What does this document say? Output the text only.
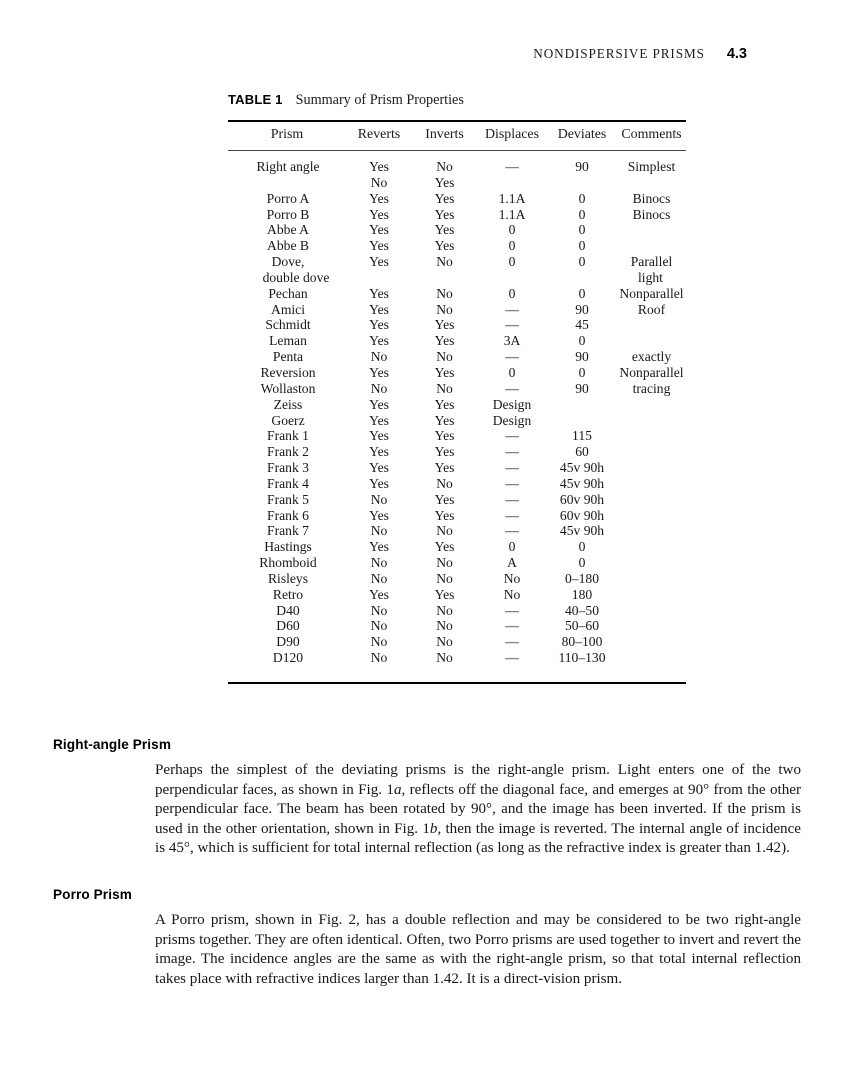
NONDISPERSIVE PRISMS 4.3
TABLE 1 Summary of Prism Properties
Prism	Reverts	Inverts	Displaces	Deviates	Comments
Right angle	Yes	No	—	90	Simplest
	No	Yes			
Porro A	Yes	Yes	1.1A	0	Binocs
Porro B	Yes	Yes	1.1A	0	Binocs
Abbe A	Yes	Yes	0	0	
Abbe B	Yes	Yes	0	0	
Dove,	Yes	No	0	0	Parallel
double dove					light
Pechan	Yes	No	0	0	Nonparallel
Amici	Yes	No	—	90	Roof
Schmidt	Yes	Yes	—	45	
Leman	Yes	Yes	3A	0	
Penta	No	No	—	90	exactly
Reversion	Yes	Yes	0	0	Nonparallel
Wollaston	No	No	—	90	tracing
Zeiss	Yes	Yes	Design		
Goerz	Yes	Yes	Design		
Frank 1	Yes	Yes	—	115	
Frank 2	Yes	Yes	—	60	
Frank 3	Yes	Yes	—	45v 90h	
Frank 4	Yes	No	—	45v 90h	
Frank 5	No	Yes	—	60v 90h	
Frank 6	Yes	Yes	—	60v 90h	
Frank 7	No	No	—	45v 90h	
Hastings	Yes	Yes	0	0	
Rhomboid	No	No	A	0	
Risleys	No	No	No	0–180	
Retro	Yes	Yes	No	180	
D40	No	No	—	40–50	
D60	No	No	—	50–60	
D90	No	No	—	80–100	
D120	No	No	—	110–130	

Right-angle Prism

Perhaps the simplest of the deviating prisms is the right-angle prism. Light enters one of the two perpendicular faces, as shown in Fig. 1a, reflects off the diagonal face, and emerges at 90° from the other perpendicular face. The beam has been rotated by 90°, and the image has been inverted. If the prism is used in the other orientation, shown in Fig. 1b, then the image is reverted. The internal angle of incidence is 45°, which is sufficient for total internal reflection (as long as the refractive index is greater than 1.42).

Porro Prism

A Porro prism, shown in Fig. 2, has a double reflection and may be considered to be two right-angle prisms together. They are often identical. Often, two Porro prisms are used together to invert and revert the image. The incidence angles are the same as with the right-angle prism, so that total internal reflection takes place with refractive indices larger than 1.42. It is a direct-vision prism.
